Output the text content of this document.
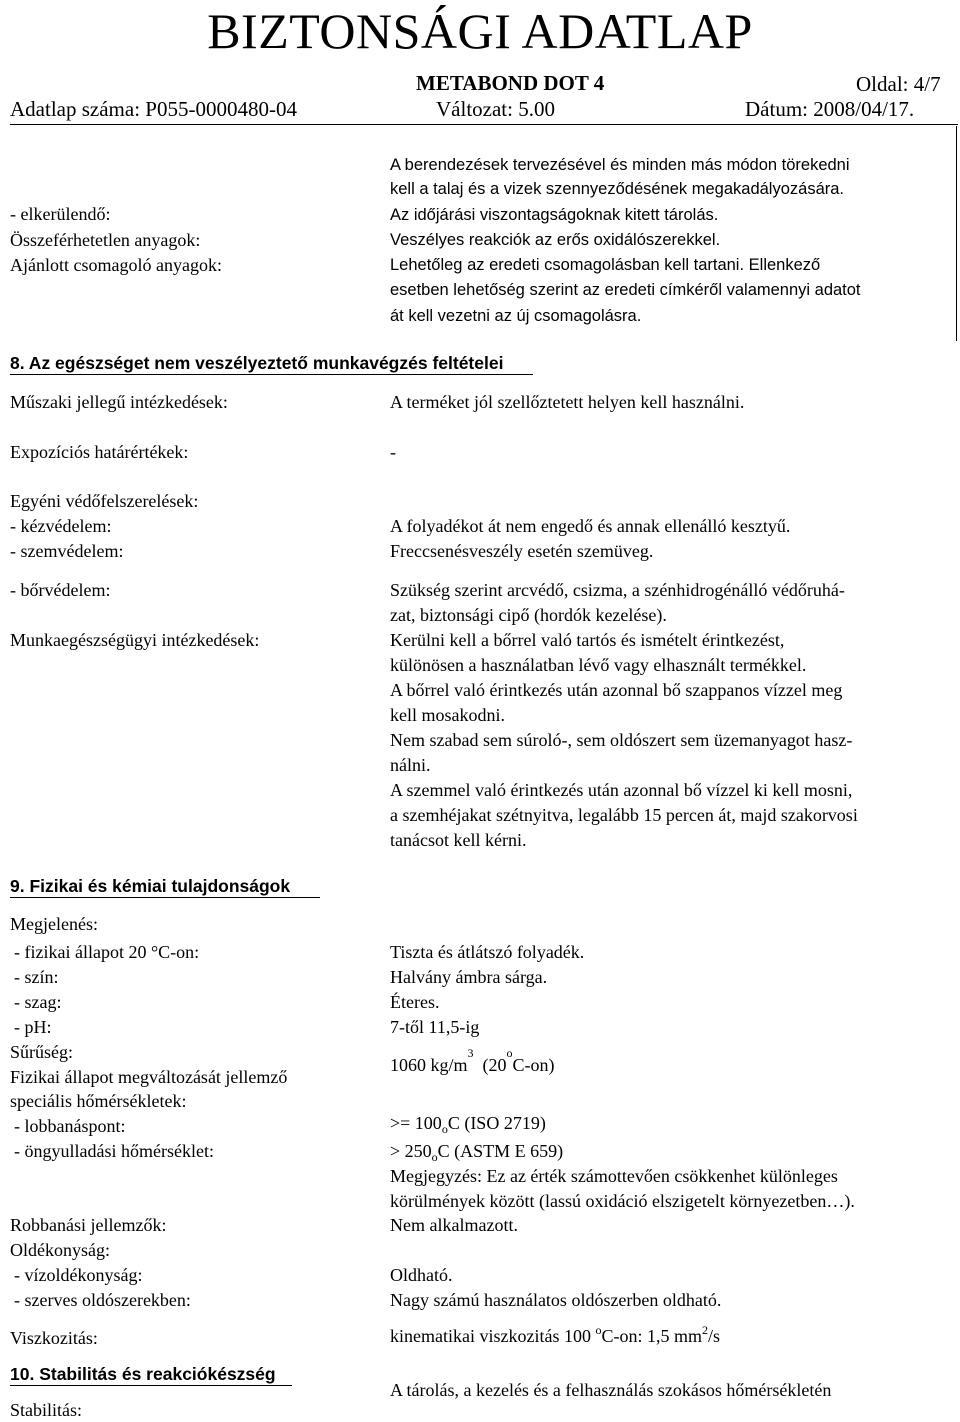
BIZTONSÁGI ADATLAP
METABOND DOT 4	Oldal: 4/7
Adatlap száma: P055-0000480-04	Változat: 5.00	Dátum: 2008/04/17.
A berendezések tervezésével és minden más módon törekedni
kell a talaj és a vizek szennyeződésének megakadályozására.
- elkerülendő:	Az időjárási viszontagságoknak kitett tárolás.
Összeférhetetlen anyagok:	Veszélyes reakciók az erős oxidálószerekkel.
Ajánlott csomagoló anyagok:	Lehetőleg az eredeti csomagolásban kell tartani. Ellenkező
esetben lehetőség szerint az eredeti címkéről valamennyi adatot
át kell vezetni az új csomagolásra.
8. Az egészséget nem veszélyeztető munkavégzés feltételei
Műszaki jellegű intézkedések:	A terméket jól szellőztetett helyen kell használni.
Expozíciós határértékek:	-
Egyéni védőfelszerelések:
- kézvédelem:	A folyadékot át nem engedő és annak ellenálló kesztyű.
- szemvédelem:	Freccsenésveszély esetén szemüveg.
- bőrvédelem:	Szükség szerint arcvédő, csizma, a szénhidrogénálló védőruhá-
zat, biztonsági cipő (hordók kezelése).
Munkaegészségügyi intézkedések:	Kerülni kell a bőrrel való tartós és ismételt érintkezést,
különösen a használatban lévő vagy elhasznált termékkel.
A bőrrel való érintkezés után azonnal bő szappanos vízzel meg
kell mosakodni.
Nem szabad sem súroló-, sem oldószert sem üzemanyagot hasz-
nálni.
A szemmel való érintkezés után azonnal bő vízzel ki kell mosni,
a szemhéjakat szétnyitva, legalább 15 percen át, majd szakorvosi
tanácsot kell kérni.
9. Fizikai és kémiai tulajdonságok
Megjelenés:
- fizikai állapot 20 °C-on:	Tiszta és átlátszó folyadék.
- szín:	Halvány ámbra sárga.
- szag:	Éteres.
- pH:	7-től 11,5-ig
Sűrűség:
1060 $kg/m^3$  (20$^o$C-on)
Fizikai állapot megváltozását jellemző
speciális hőmérsékletek:
- lobbanáspont:	>= $100_oC$ (ISO 2719)
- öngyulladási hőmérséklet:	> $250_oC$ (ASTM E 659)
Megjegyzés: Ez az érték számottevően csökkenhet különleges
körülmények között (lassú oxidáció elszigetelt környezetben…).
Robbanási jellemzők:	Nem alkalmazott.
Oldékonyság:
- vízoldékonyság:	Oldható.
- szerves oldószerekben:	Nagy számú használatos oldószerben oldható.
Viszkozitás:	kinematikai viszkozitás 100 $^o$C-on: 1,5 $mm^2/s$
10. Stabilitás és reakciókészség
Stabilitás:
A tárolás, a kezelés és a felhasználás szokásos hőmérsékletén
